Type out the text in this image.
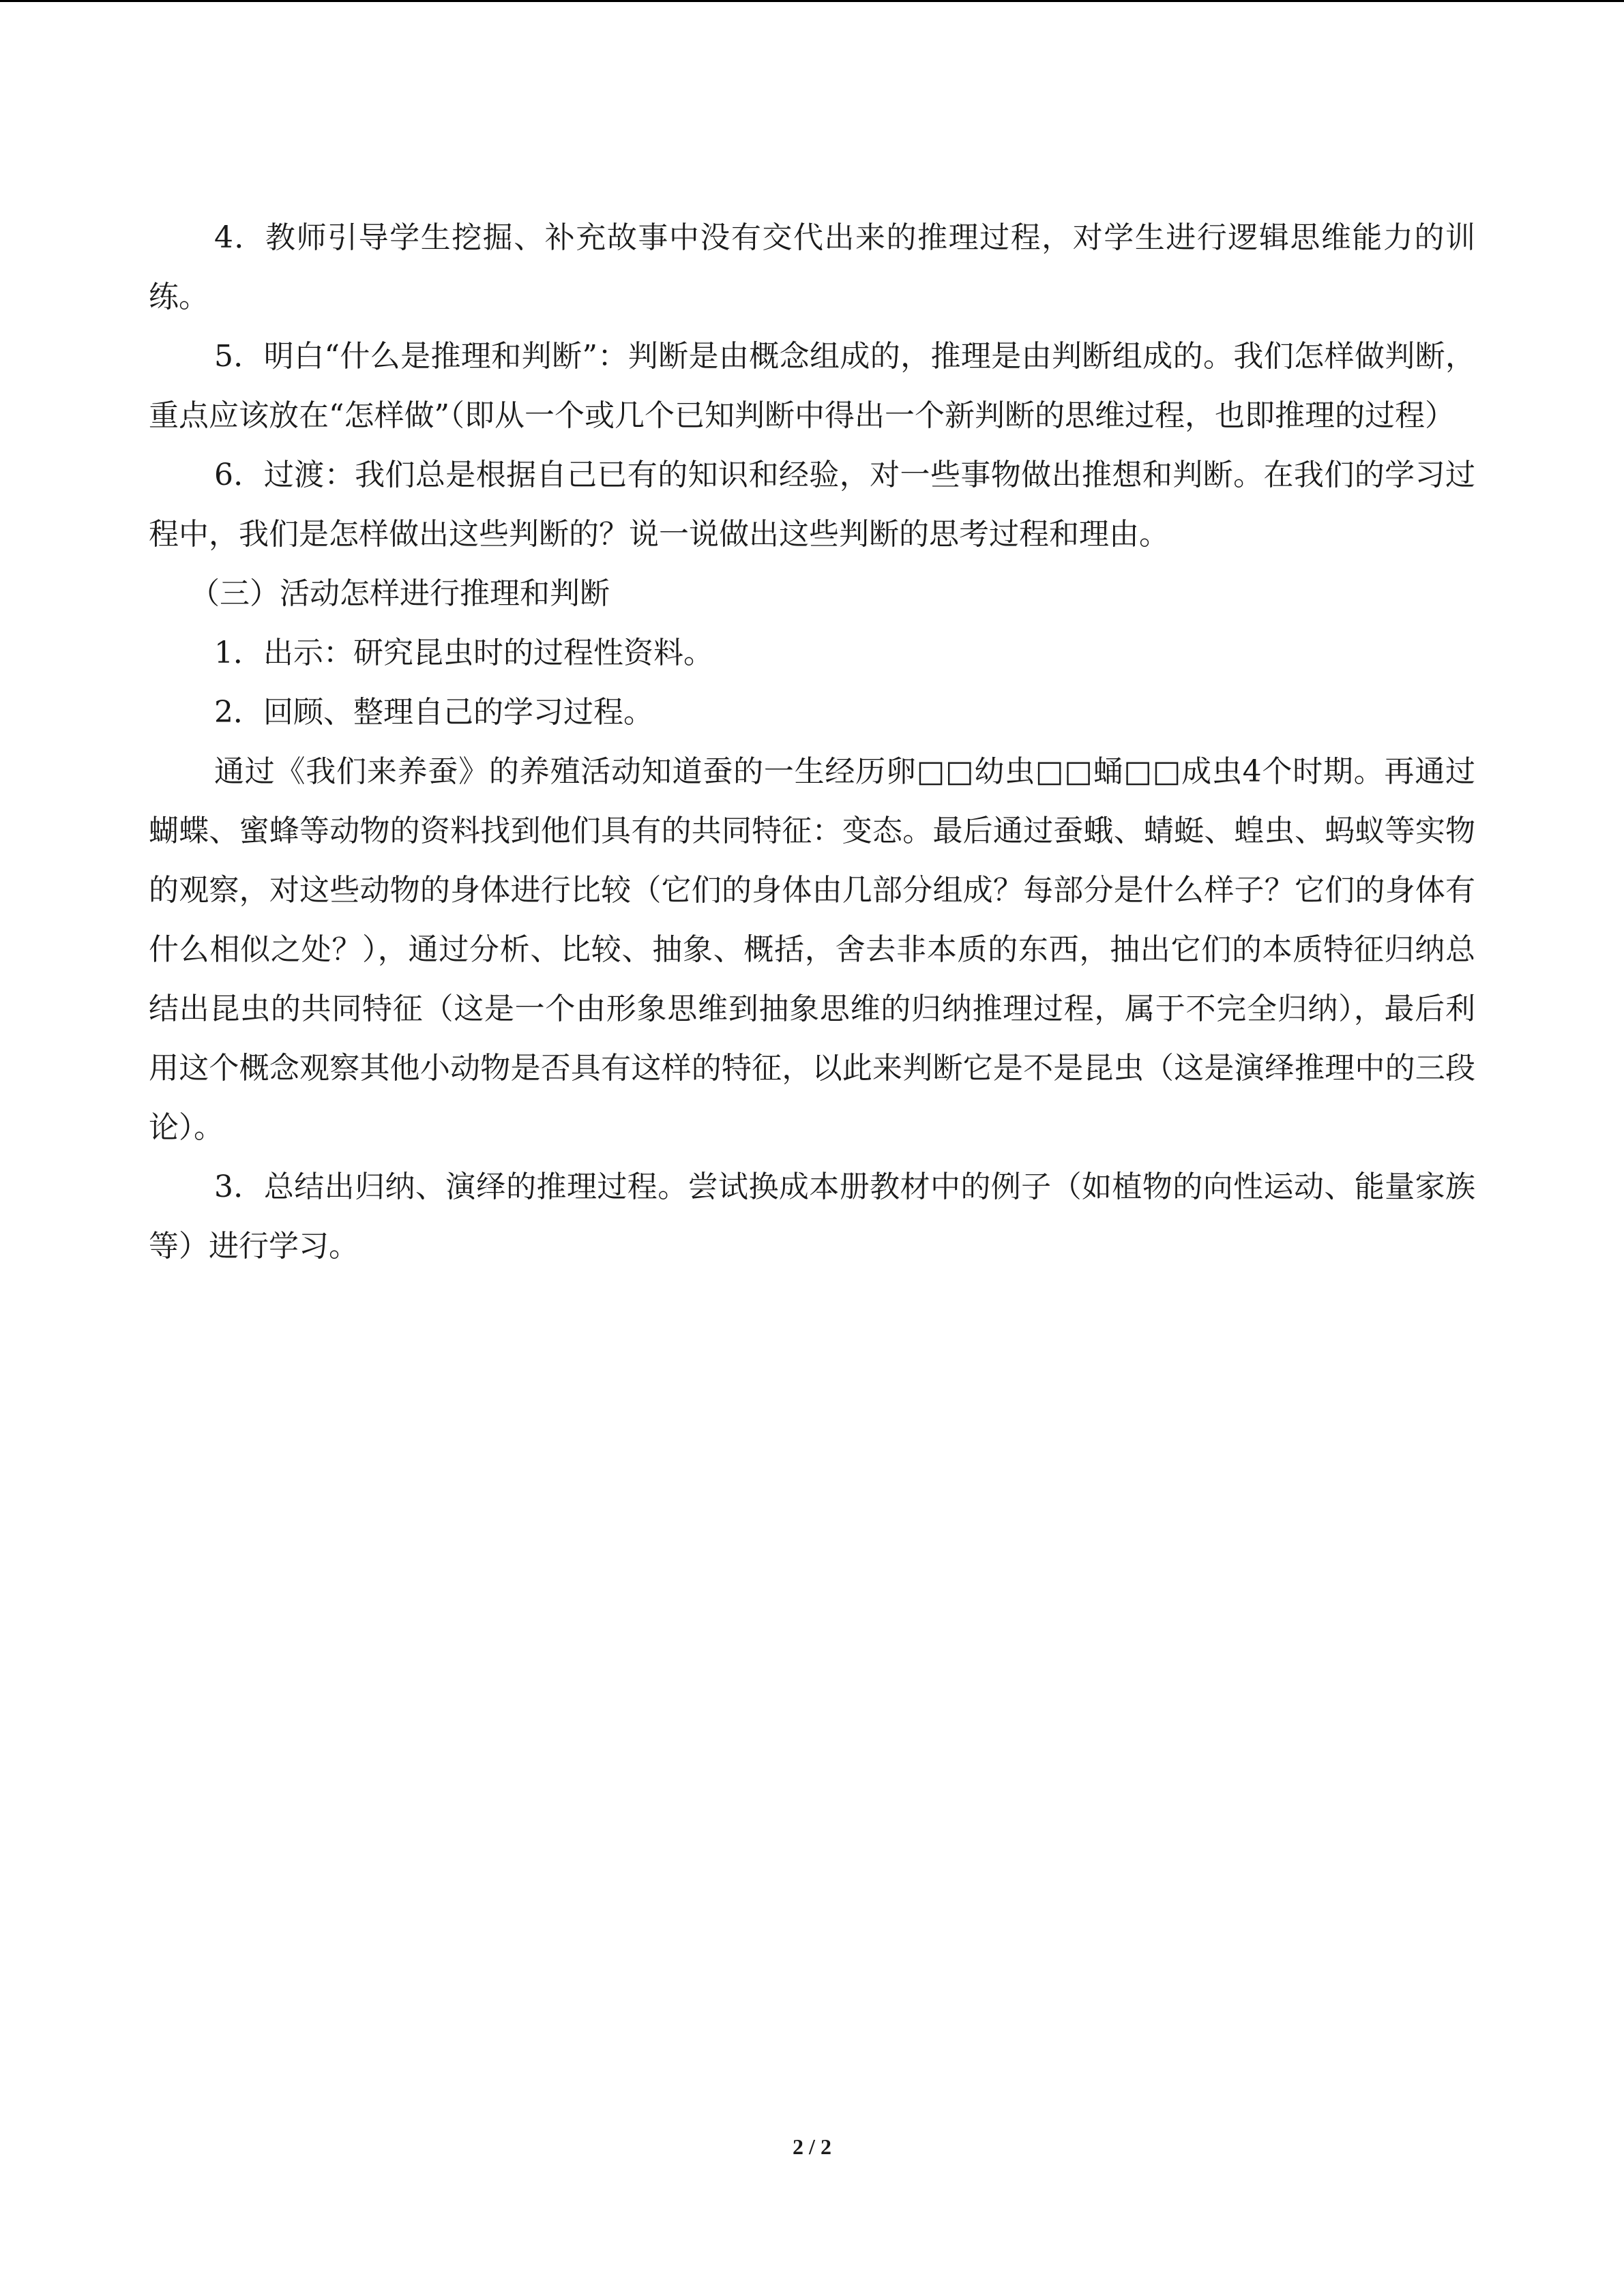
4．教师引导学生挖掘、补充故事中没有交代出来的推理过程，对学生进行逻辑思维能力的训练。

5．明白“什么是推理和判断”：判断是由概念组成的，推理是由判断组成的。我们怎样做判断，重点应该放在“怎样做”（即从一个或几个已知判断中得出一个新判断的思维过程，也即推理的过程）

6．过渡：我们总是根据自己已有的知识和经验，对一些事物做出推想和判断。在我们的学习过程中，我们是怎样做出这些判断的？说一说做出这些判断的思考过程和理由。

（三）活动怎样进行推理和判断

1．出示：研究昆虫时的过程性资料。

2．回顾、整理自己的学习过程。

通过《我们来养蚕》的养殖活动知道蚕的一生经历卵□□幼虫□□蛹□□成虫4个时期。再通过蝴蝶、蜜蜂等动物的资料找到他们具有的共同特征：变态。最后通过蚕蛾、蜻蜓、蝗虫、蚂蚁等实物的观察，对这些动物的身体进行比较（它们的身体由几部分组成？每部分是什么样子？它们的身体有什么相似之处？），通过分析、比较、抽象、概括，舍去非本质的东西，抽出它们的本质特征归纳总结出昆虫的共同特征（这是一个由形象思维到抽象思维的归纳推理过程，属于不完全归纳），最后利用这个概念观察其他小动物是否具有这样的特征，以此来判断它是不是昆虫（这是演绎推理中的三段论）。

3．总结出归纳、演绎的推理过程。尝试换成本册教材中的例子（如植物的向性运动、能量家族等）进行学习。

2 / 2
